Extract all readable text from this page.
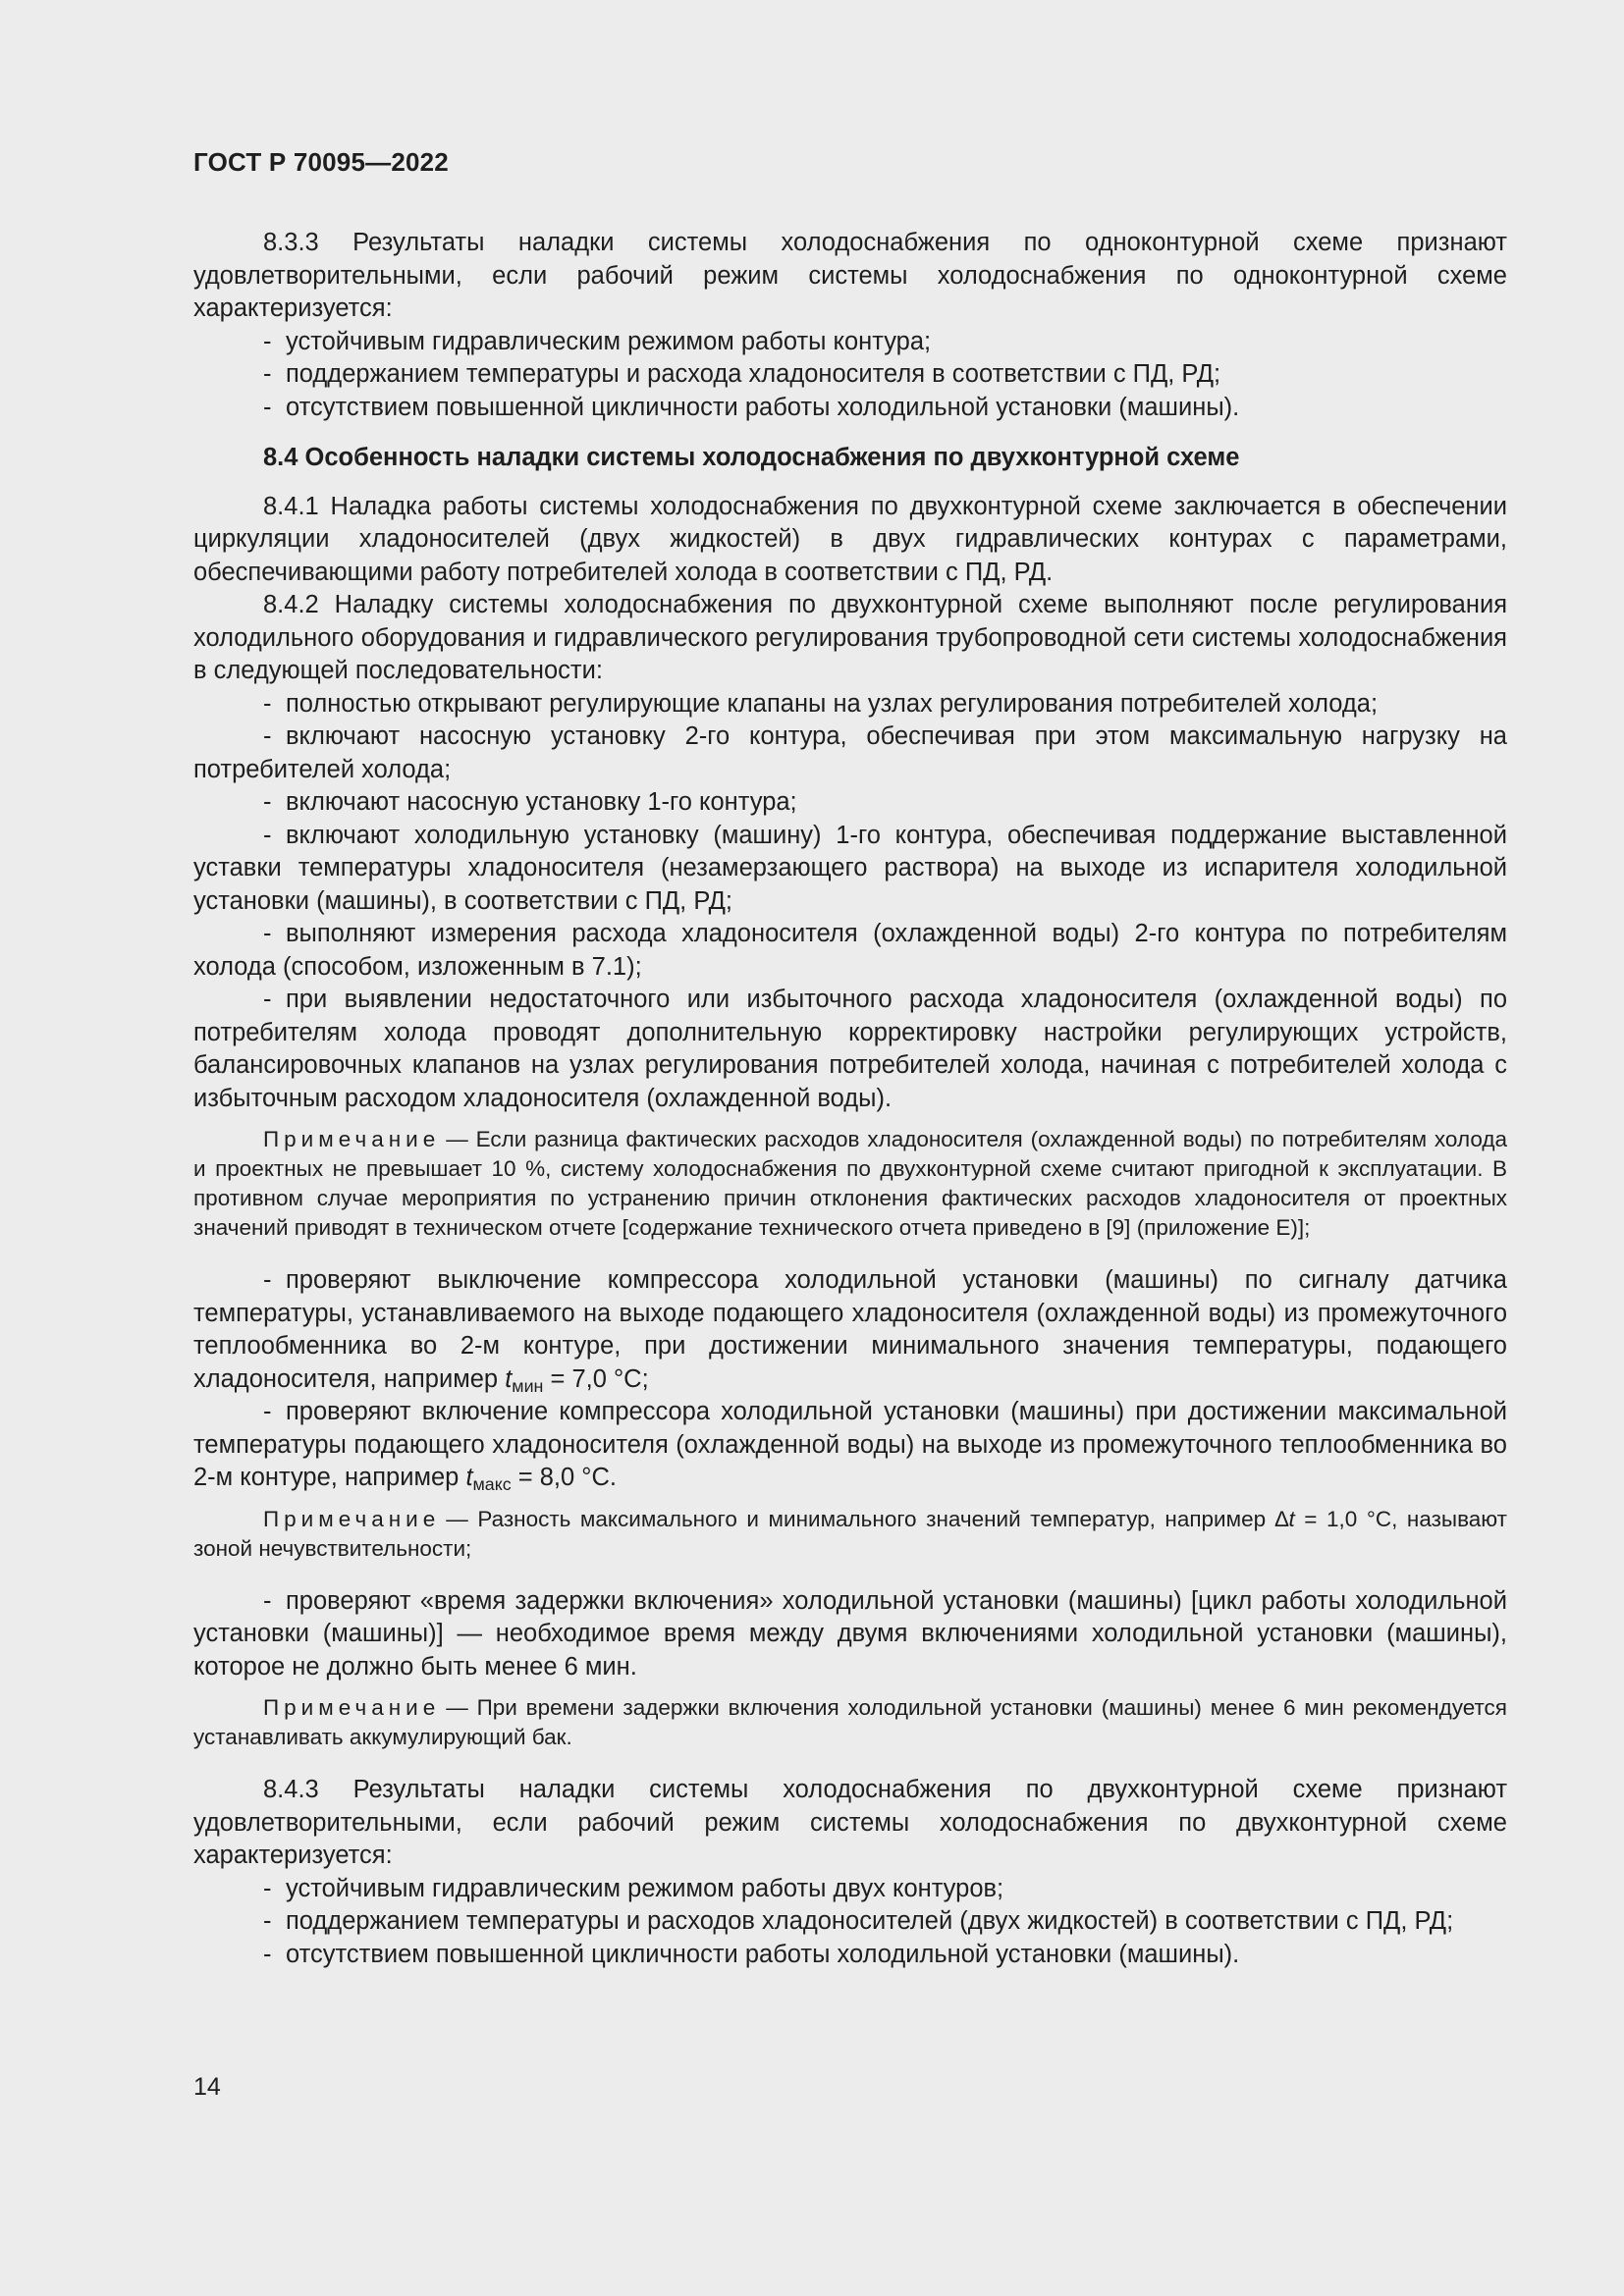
ГОСТ Р 70095—2022

8.3.3 Результаты наладки системы холодоснабжения по одноконтурной схеме признают удовлетворительными, если рабочий режим системы холодоснабжения по одноконтурной схеме характеризуется:

- устойчивым гидравлическим режимом работы контура;

- поддержанием температуры и расхода хладоносителя в соответствии с ПД, РД;

- отсутствием повышенной цикличности работы холодильной установки (машины).

8.4 Особенность наладки системы холодоснабжения по двухконтурной схеме

8.4.1 Наладка работы системы холодоснабжения по двухконтурной схеме заключается в обеспечении циркуляции хладоносителей (двух жидкостей) в двух гидравлических контурах с параметрами, обеспечивающими работу потребителей холода в соответствии с ПД, РД.

8.4.2 Наладку системы холодоснабжения по двухконтурной схеме выполняют после регулирования холодильного оборудования и гидравлического регулирования трубопроводной сети системы холодоснабжения в следующей последовательности:

- полностью открывают регулирующие клапаны на узлах регулирования потребителей холода;

- включают насосную установку 2-го контура, обеспечивая при этом максимальную нагрузку на потребителей холода;

- включают насосную установку 1-го контура;

- включают холодильную установку (машину) 1-го контура, обеспечивая поддержание выставленной уставки температуры хладоносителя (незамерзающего раствора) на выходе из испарителя холодильной установки (машины), в соответствии с ПД, РД;

- выполняют измерения расхода хладоносителя (охлажденной воды) 2-го контура по потребителям холода (способом, изложенным в 7.1);

- при выявлении недостаточного или избыточного расхода хладоносителя (охлажденной воды) по потребителям холода проводят дополнительную корректировку настройки регулирующих устройств, балансировочных клапанов на узлах регулирования потребителей холода, начиная с потребителей холода с избыточным расходом хладоносителя (охлажденной воды).

Примечание — Если разница фактических расходов хладоносителя (охлажденной воды) по потребителям холода и проектных не превышает 10 %, систему холодоснабжения по двухконтурной схеме считают пригодной к эксплуатации. В противном случае мероприятия по устранению причин отклонения фактических расходов хладоносителя от проектных значений приводят в техническом отчете [содержание технического отчета приведено в [9] (приложение Е)];

- проверяют выключение компрессора холодильной установки (машины) по сигналу датчика температуры, устанавливаемого на выходе подающего хладоносителя (охлажденной воды) из промежуточного теплообменника во 2-м контуре, при достижении минимального значения температуры, подающего хладоносителя, например $t_{мин} = 7,0$ °С;

- проверяют включение компрессора холодильной установки (машины) при достижении максимальной температуры подающего хладоносителя (охлажденной воды) на выходе из промежуточного теплообменника во 2-м контуре, например $t_{макс} = 8,0$ °С.

Примечание — Разность максимального и минимального значений температур, например ∆t = 1,0 °С, называют зоной нечувствительности;

- проверяют «время задержки включения» холодильной установки (машины) [цикл работы холодильной установки (машины)] — необходимое время между двумя включениями холодильной установки (машины), которое не должно быть менее 6 мин.

Примечание — При времени задержки включения холодильной установки (машины) менее 6 мин рекомендуется устанавливать аккумулирующий бак.

8.4.3 Результаты наладки системы холодоснабжения по двухконтурной схеме признают удовлетворительными, если рабочий режим системы холодоснабжения по двухконтурной схеме характеризуется:

- устойчивым гидравлическим режимом работы двух контуров;

- поддержанием температуры и расходов хладоносителей (двух жидкостей) в соответствии с ПД, РД;

- отсутствием повышенной цикличности работы холодильной установки (машины).

14
